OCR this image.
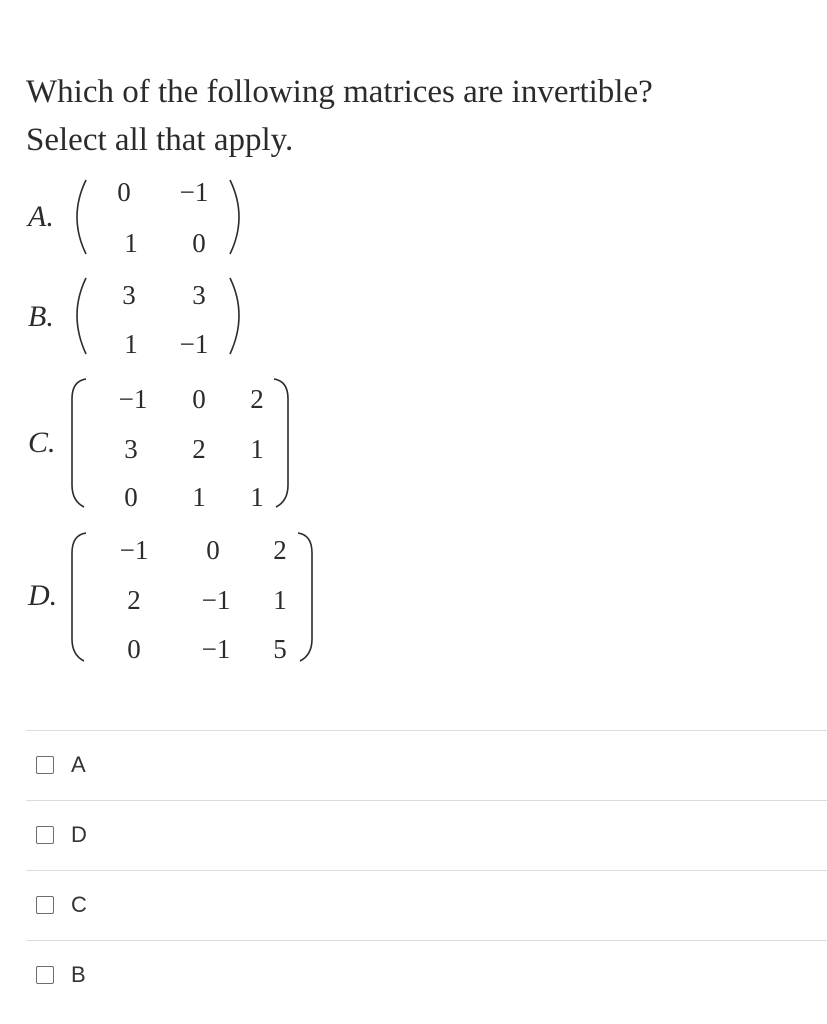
Which of the following matrices are invertible?
Select all that apply.
A.
0 −1
1 0
B.
3 3
1 −1
C.
−1 0 2
3 2 1
0 1 1
D.
−1 0 2
2 −1 1
0 −1 5
A
D
C
B
